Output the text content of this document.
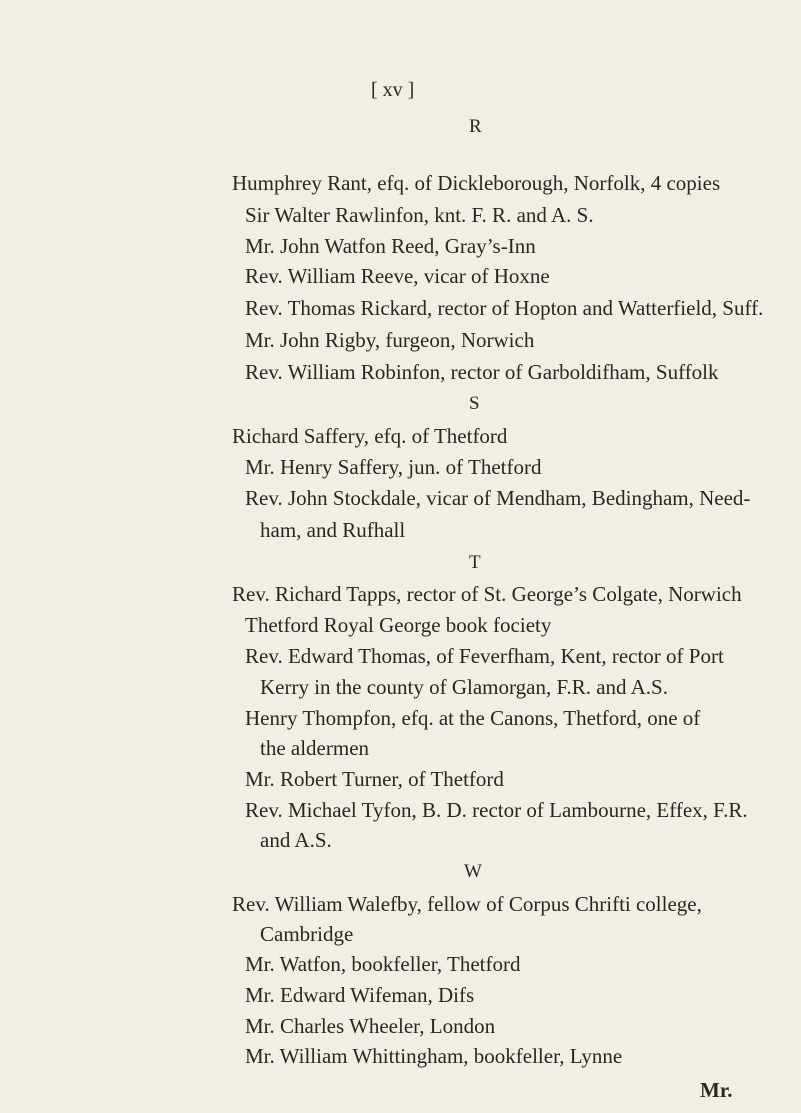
[ xv ]
R
Humphrey Rant, efq. of Dickleborough, Norfolk, 4 copies
Sir Walter Rawlinfon, knt. F. R. and A. S.
Mr. John Watfon Reed, Gray’s-Inn
Rev. William Reeve, vicar of Hoxne
Rev. Thomas Rickard, rector of Hopton and Watterfield, Suff.
Mr. John Rigby, furgeon, Norwich
Rev. William Robinfon, rector of Garboldifham, Suffolk
S
Richard Saffery, efq. of Thetford
Mr. Henry Saffery, jun. of Thetford
Rev. John Stockdale, vicar of Mendham, Bedingham, Need-
ham, and Rufhall
T
Rev. Richard Tapps, rector of St. George’s Colgate, Norwich
Thetford Royal George book fociety
Rev. Edward Thomas, of Feverfham, Kent, rector of Port
Kerry in the county of Glamorgan, F.R. and A.S.
Henry Thompfon, efq. at the Canons, Thetford, one of
the aldermen
Mr. Robert Turner, of Thetford
Rev. Michael Tyfon, B. D. rector of Lambourne, Effex, F.R.
and A.S.
W
Rev. William Walefby, fellow of Corpus Chrifti college,
Cambridge
Mr. Watfon, bookfeller, Thetford
Mr. Edward Wifeman, Difs
Mr. Charles Wheeler, London
Mr. William Whittingham, bookfeller, Lynne
Mr.
